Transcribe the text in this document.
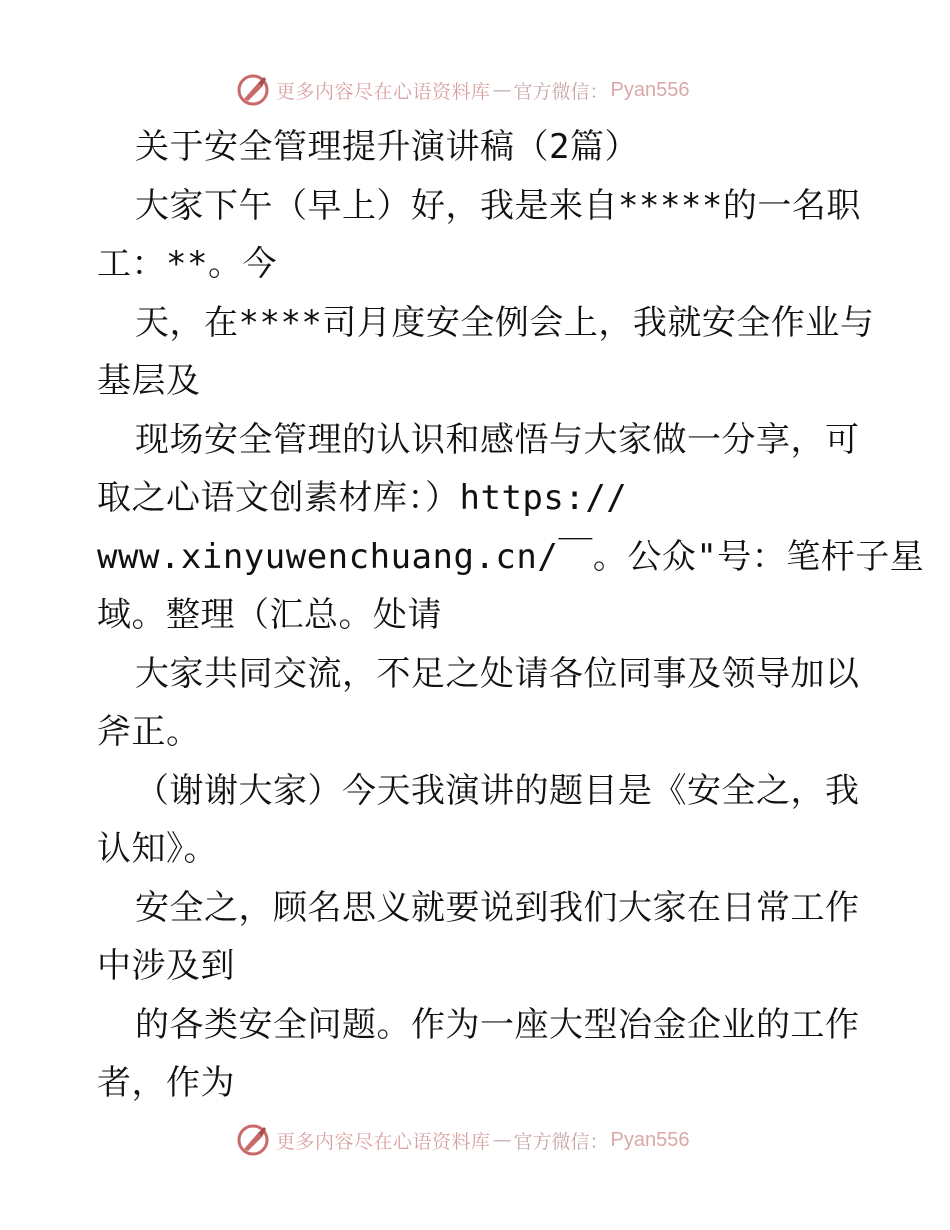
更多内容尽在心语资料库 — 官方微信： Pyan556
关于安全管理提升演讲稿（2篇）
大家下午（早上）好，我是来自*****的一名职
工：**。今
天，在****司月度安全例会上，我就安全作业与
基层及
现场安全管理的认识和感悟与大家做一分享，可
取之心语文创素材库：）https://
www.xinyuwenchuang.cn/￣。公众"号：笔杆子星
域。整理（汇总。处请
大家共同交流，不足之处请各位同事及领导加以
斧正。
（谢谢大家）今天我演讲的题目是《安全之，我
认知》。
安全之，顾名思义就要说到我们大家在日常工作
中涉及到
的各类安全问题。作为一座大型冶金企业的工作
者，作为
更多内容尽在心语资料库 — 官方微信： Pyan556
